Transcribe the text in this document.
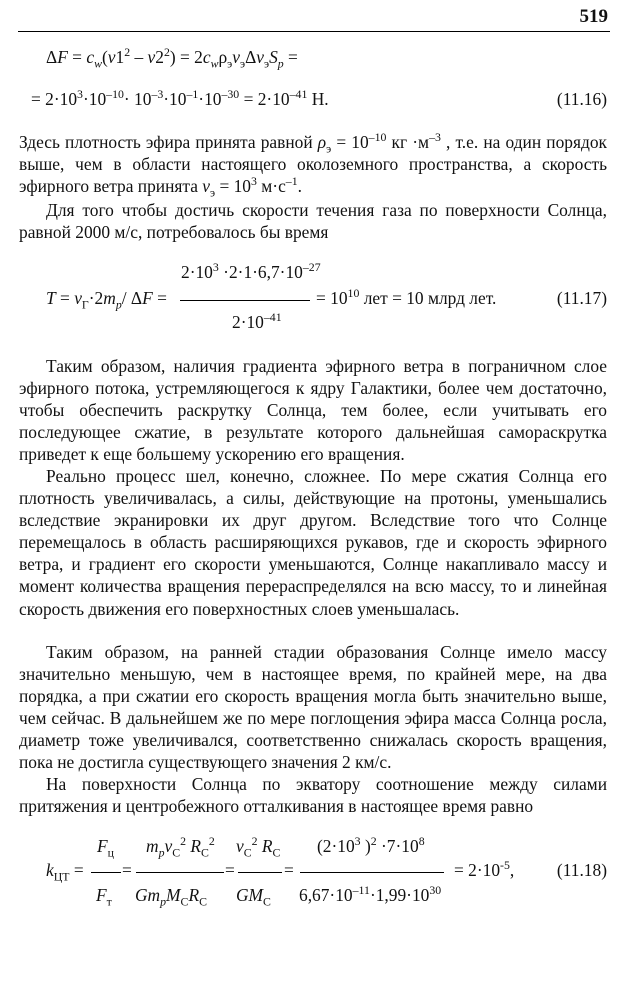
519
$\Delta F = c_w(v1^2 - v2^2) = 2c_w\rho_эv_э\Delta v_эS_p$ =
= $2\cdot 10^3\cdot 10^{-10}\cdot 10^{-3}\cdot 10^{-1}\cdot 10^{-30} = 2\cdot 10^{-41}$ Н.	(11.16)

Здесь плотность эфира принята равной $\rho_э = 10^{-10}$ кг $\cdot м^{-3}$ , т.е. на один порядок выше, чем в области настоящего околоземного пространства, а скорость эфирного ветра принята $v_э = 10^3$ $м\cdot с^{-1}$.

Для того чтобы достичь скорости течения газа по поверхности Солнца, равной 2000 м/с, потребовалось бы время

$2\cdot 10^3 \cdot 2\cdot 1\cdot 6,7\cdot 10^{-27}$
$T = v_Г\cdot 2m_p/$ ΔF =	= $10^{10}$ лет = 10 млрд лет.	(11.17)
$2\cdot 10^{-41}$

Таким образом, наличия градиента эфирного ветра в пограничном слое эфирного потока, устремляющегося к ядру Галактики, более чем достаточно, чтобы обеспечить раскрутку Солнца, тем более, если учитывать его последующее сжатие, в результате которого дальнейшая самораскрутка приведет к еще большему ускорению его вращения.

Реально процесс шел, конечно, сложнее. По мере сжатия Солнца его плотность увеличивалась, а силы, действующие на протоны, уменьшались вследствие экранировки их друг другом. Вследствие того что Солнце перемещалось в область расширяющихся рукавов, где и скорость эфирного ветра, и градиент его скорости уменьшаются, Солнце накапливало массу и момент количества вращения перераспределялся на всю массу, то и линейная скорость движения его поверхностных слоев уменьшалась.

Таким образом, на ранней стадии образования Солнце имело массу значительно меньшую, чем в настоящее время, по крайней мере, на два порядка, а при сжатии его скорость вращения могла быть значительно выше, чем сейчас. В дальнейшем же по мере поглощения эфира масса Солнца росла, диаметр тоже увеличивался, соответственно снижалась скорость вращения, пока не достигла существующего значения 2 км/с.

На поверхности Солнца по экватору соотношение между силами притяжения и центробежного отталкивания в настоящее время равно

$F_ц$ $m_pv_C^2$ $R_C^2$ $v_C^2$ $R_C$ ($2\cdot 10^3$ )$^2 \cdot 7\cdot 10^8$
$k_{ЦТ}$ = =	=	=	= $2\cdot 10^{-5}$, (11.18)
$F_т$ $Gm_pM_CR_C$ $GM_C$ $6,67\cdot 10^{-11}\cdot 1,99\cdot 10^{30}$
